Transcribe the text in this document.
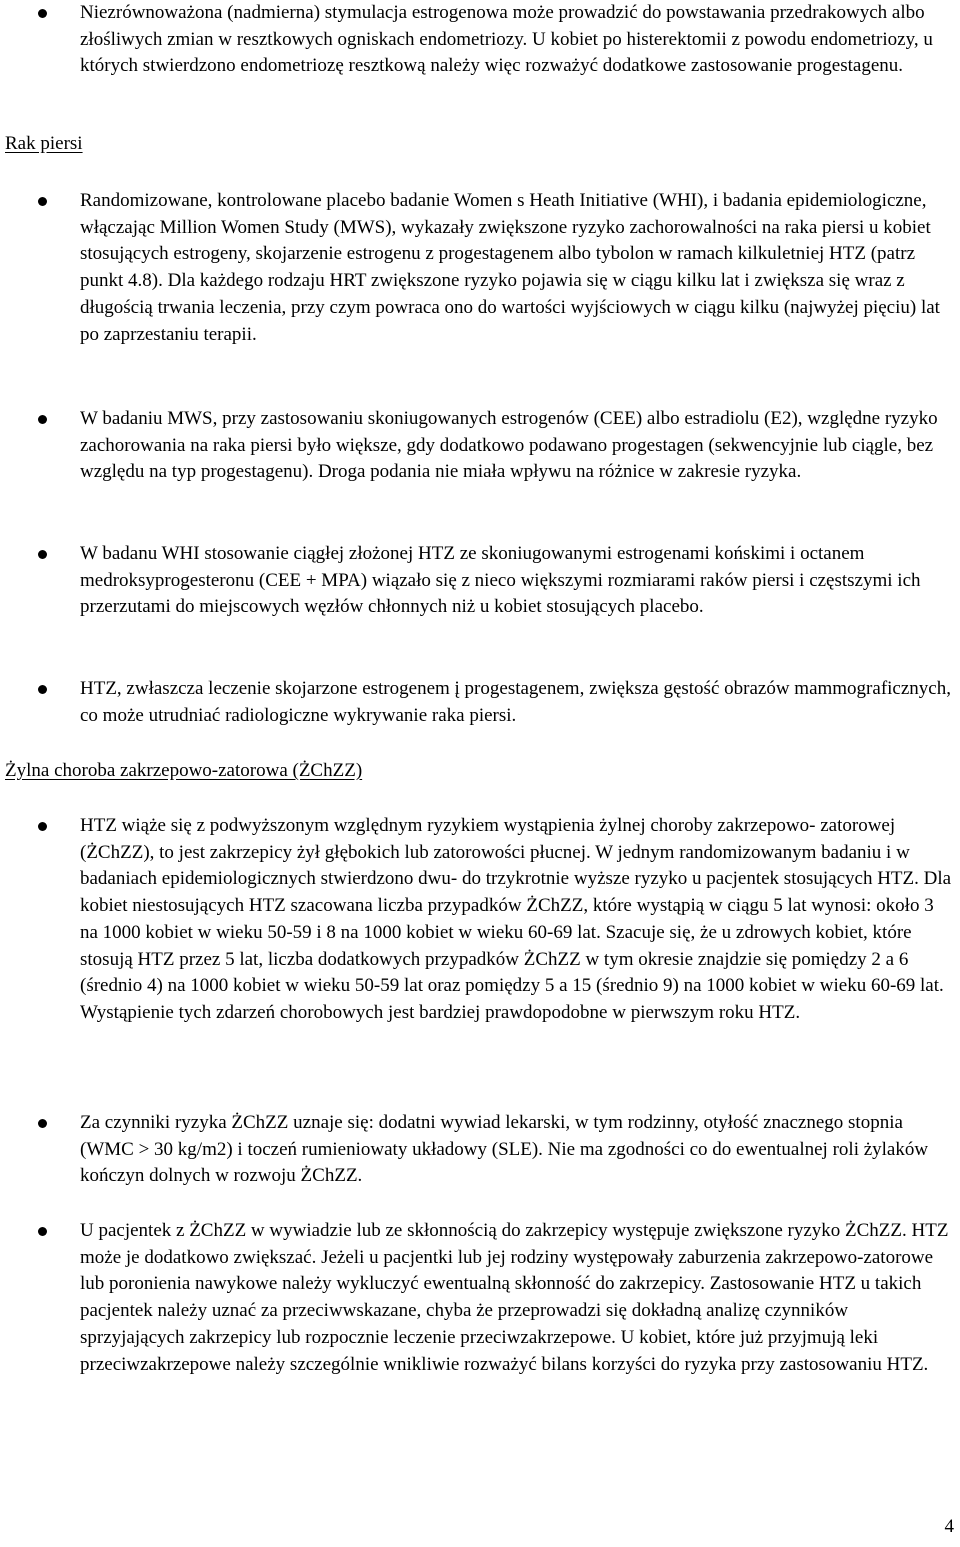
Niezrównoważona (nadmierna) stymulacja estrogenowa może prowadzić do powstawania przedrakowych albo złośliwych zmian w resztkowych ogniskach endometriozy. U kobiet po histerektomii z powodu endometriozy, u których stwierdzono endometriozę resztkową należy więc rozważyć dodatkowe zastosowanie progestagenu.
Rak piersi
Randomizowane, kontrolowane placebo badanie Women s Heath Initiative (WHI), i badania epidemiologiczne, włączając Million Women Study (MWS), wykazały zwiększone ryzyko zachorowalności na raka piersi u kobiet stosujących estrogeny, skojarzenie estrogenu z progestagenem albo tybolon w ramach kilkuletniej HTZ (patrz punkt 4.8). Dla każdego rodzaju HRT zwiększone ryzyko pojawia się w ciągu kilku lat i zwiększa się wraz z długością trwania leczenia, przy czym powraca ono do wartości wyjściowych w ciągu kilku (najwyżej pięciu) lat po zaprzestaniu terapii.
W badaniu MWS, przy zastosowaniu skoniugowanych estrogenów (CEE) albo estradiolu (E2), względne ryzyko zachorowania na raka piersi było większe, gdy dodatkowo podawano progestagen (sekwencyjnie lub ciągle, bez względu na typ progestagenu). Droga podania nie miała wpływu na różnice w zakresie ryzyka.
W badanu WHI stosowanie ciągłej złożonej HTZ ze skoniugowanymi estrogenami końskimi i octanem medroksyprogesteronu (CEE + MPA) wiązało się z nieco większymi rozmiarami raków piersi i częstszymi ich przerzutami do miejscowych węzłów chłonnych niż u kobiet stosujących placebo.
HTZ, zwłaszcza leczenie skojarzone estrogenem į progestagenem, zwiększa gęstość obrazów mammograficznych, co może utrudniać radiologiczne wykrywanie raka piersi.
Żylna choroba zakrzepowo-zatorowa (ŻChZZ)
HTZ wiąże się z podwyższonym względnym ryzykiem wystąpienia żylnej choroby zakrzepowo- zatorowej (ŻChZZ), to jest zakrzepicy żył głębokich lub zatorowości płucnej. W jednym randomizowanym badaniu i w badaniach epidemiologicznych stwierdzono dwu- do trzykrotnie wyższe ryzyko u pacjentek stosujących HTZ. Dla kobiet niestosujących HTZ szacowana liczba przypadków ŻChZZ, które wystąpią w ciągu 5 lat wynosi: około 3 na 1000 kobiet w wieku 50-59 i 8 na 1000 kobiet w wieku 60-69 lat. Szacuje się, że u zdrowych kobiet, które stosują HTZ przez 5 lat, liczba dodatkowych przypadków ŻChZZ w tym okresie znajdzie się pomiędzy 2 a 6 (średnio 4) na 1000 kobiet w wieku 50-59 lat oraz pomiędzy 5 a 15 (średnio 9) na 1000 kobiet w wieku 60-69 lat. Wystąpienie tych zdarzeń chorobowych jest bardziej prawdopodobne w pierwszym roku HTZ.
Za czynniki ryzyka ŻChZZ uznaje się: dodatni wywiad lekarski, w tym rodzinny, otyłość znacznego stopnia (WMC > 30 kg/m2) i toczeń rumieniowaty układowy (SLE). Nie ma zgodności co do ewentualnej roli żylaków kończyn dolnych w rozwoju ŻChZZ.
U pacjentek z ŻChZZ w wywiadzie lub ze skłonnością do zakrzepicy występuje zwiększone ryzyko ŻChZZ. HTZ może je dodatkowo zwiększać. Jeżeli u pacjentki lub jej rodziny występowały zaburzenia zakrzepowo-zatorowe lub poronienia nawykowe należy wykluczyć ewentualną skłonność do zakrzepicy. Zastosowanie HTZ u takich pacjentek należy uznać za przeciwwskazane, chyba że przeprowadzi się dokładną analizę czynników sprzyjających zakrzepicy lub rozpocznie leczenie przeciwzakrzepowe. U kobiet, które już przyjmują leki przeciwzakrzepowe należy szczególnie wnikliwie rozważyć bilans korzyści do ryzyka przy zastosowaniu HTZ.
4
